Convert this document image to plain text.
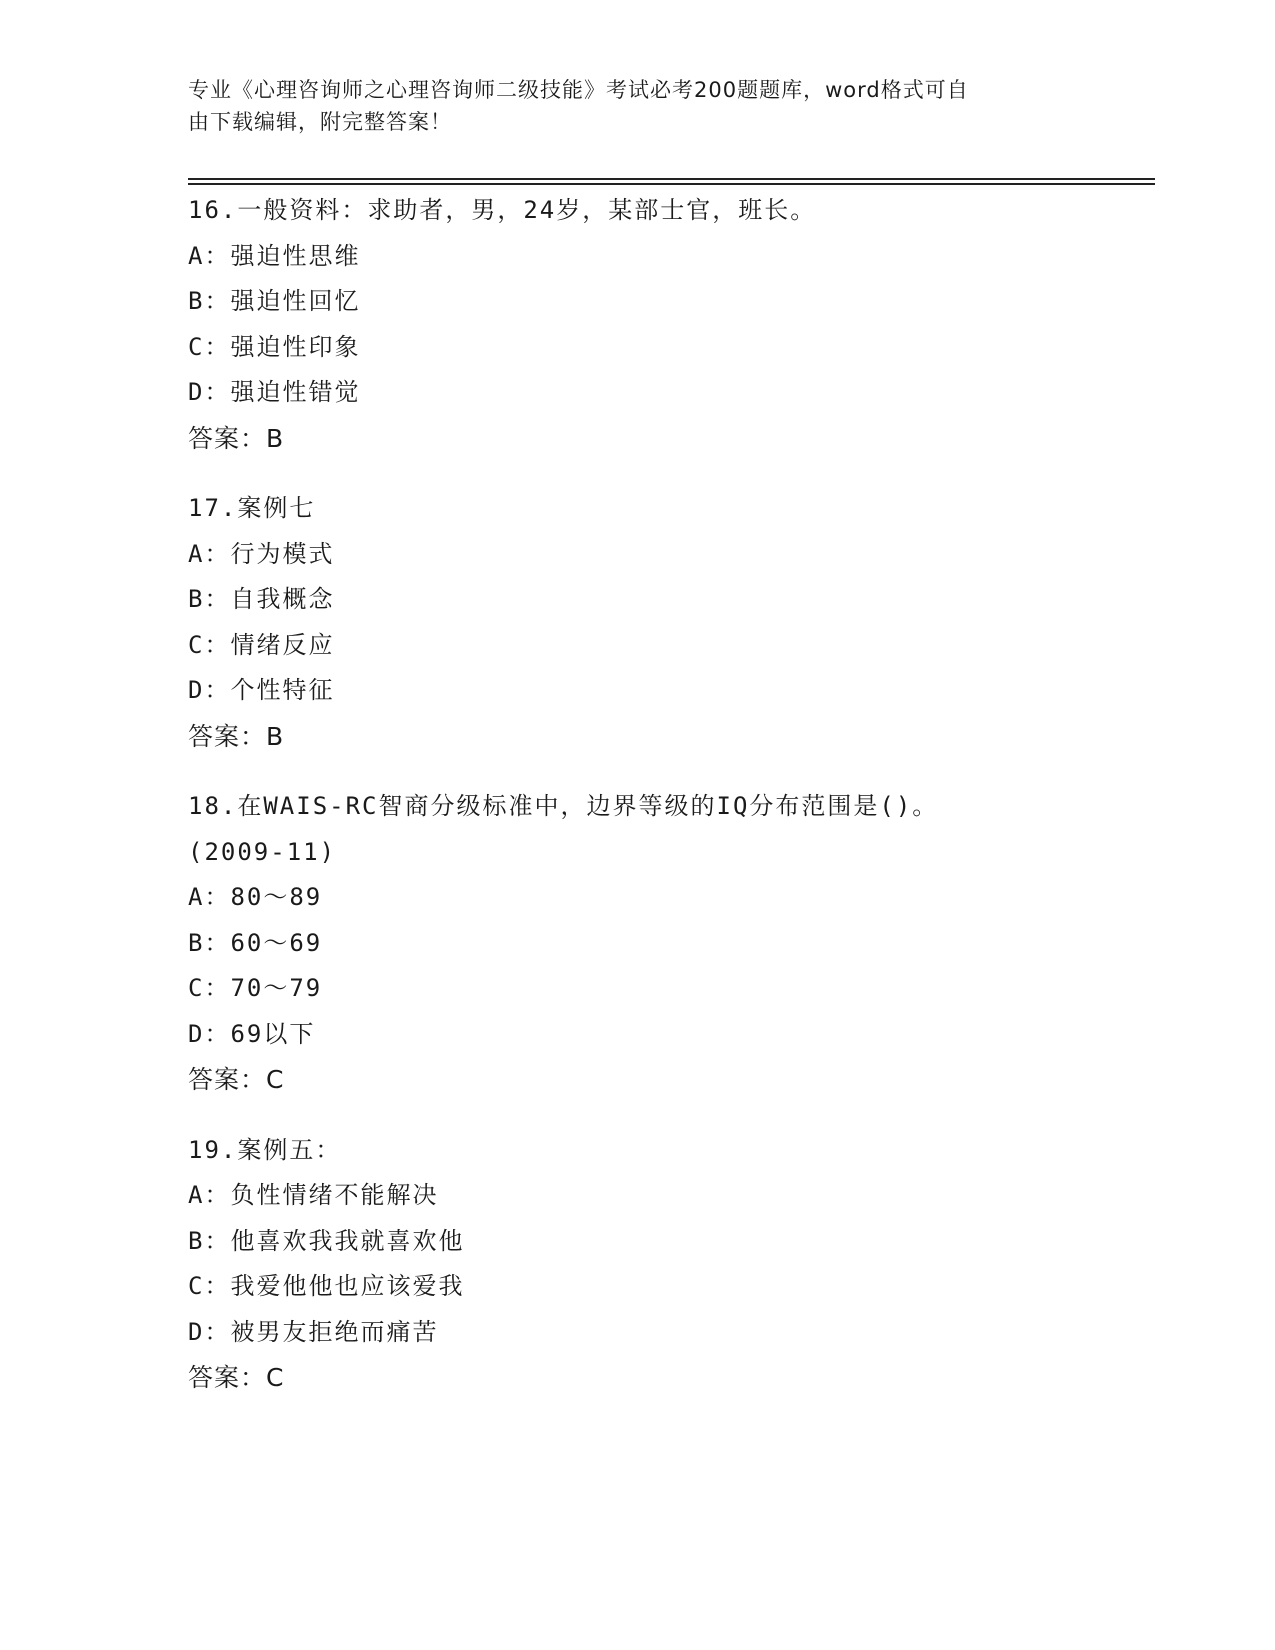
专业《心理咨询师之心理咨询师二级技能》考试必考200题题库，word格式可自
由下载编辑，附完整答案！
16.一般资料：求助者，男，24岁，某部士官，班长。
A：强迫性思维
B：强迫性回忆
C：强迫性印象
D：强迫性错觉
答案：B
17.案例七
A：行为模式
B：自我概念
C：情绪反应
D：个性特征
答案：B
18.在WAIS-RC智商分级标准中，边界等级的IQ分布范围是()。
(2009-11)
A：80～89
B：60～69
C：70～79
D：69以下
答案：C
19.案例五：
A：负性情绪不能解决
B：他喜欢我我就喜欢他
C：我爱他他也应该爱我
D：被男友拒绝而痛苦
答案：C
